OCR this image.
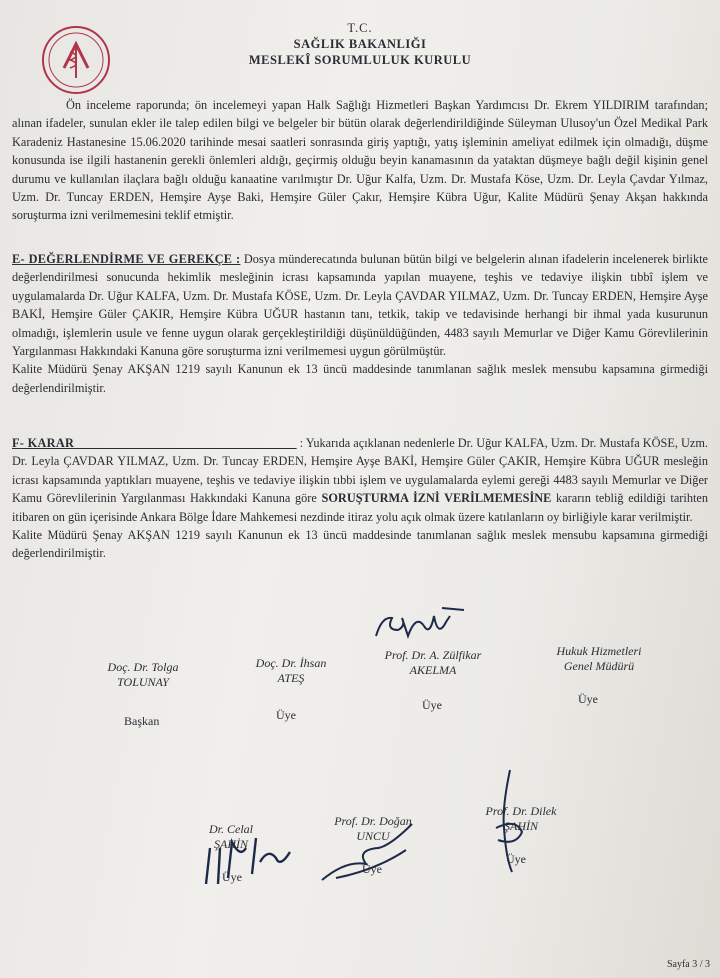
T.C.
SAĞLIK BAKANLIĞI
MESLEKÎ SORUMLULUK KURULU

Ön inceleme raporunda; ön incelemeyi yapan Halk Sağlığı Hizmetleri Başkan Yardımcısı Dr. Ekrem YILDIRIM tarafından; alınan ifadeler, sunulan ekler ile talep edilen bilgi ve belgeler bir bütün olarak değerlendirildiğinde Süleyman Ulusoy'un Özel Medikal Park Karadeniz Hastanesine 15.06.2020 tarihinde mesai saatleri sonrasında giriş yaptığı, yatış işleminin ameliyat edilmek için olmadığı, düşme konusunda ise ilgili hastanenin gerekli önlemleri aldığı, geçirmiş olduğu beyin kanamasının da yataktan düşmeye bağlı değil kişinin genel durumu ve kullanılan ilaçlara bağlı olduğu kanaatine varılmıştır Dr. Uğur Kalfa, Uzm. Dr. Mustafa Köse, Uzm. Dr. Leyla Çavdar Yılmaz, Uzm. Dr. Tuncay ERDEN, Hemşire Ayşe Baki, Hemşire Güler Çakır, Hemşire Kübra Uğur, Kalite Müdürü Şenay Akşan hakkında soruşturma izni verilmemesini teklif etmiştir.

E- DEĞERLENDİRME VE GEREKÇE : Dosya münderecatında bulunan bütün bilgi ve belgelerin alınan ifadelerin incelenerek birlikte değerlendirilmesi sonucunda hekimlik mesleğinin icrası kapsamında yapılan muayene, teşhis ve tedaviye ilişkin tıbbî işlem ve uygulamalarda Dr. Uğur KALFA, Uzm. Dr. Mustafa KÖSE, Uzm. Dr. Leyla ÇAVDAR YILMAZ, Uzm. Dr. Tuncay ERDEN, Hemşire Ayşe BAKİ, Hemşire Güler ÇAKIR, Hemşire Kübra UĞUR hastanın tanı, tetkik, takip ve tedavisinde herhangi bir ihmal yada kusurunun olmadığı, işlemlerin usule ve fenne uygun olarak gerçekleştirildiği düşünüldüğünden, 4483 sayılı Memurlar ve Diğer Kamu Görevlilerinin Yargılanması Hakkındaki Kanuna göre soruşturma izni verilmemesi uygun görülmüştür.

Kalite Müdürü Şenay AKŞAN 1219 sayılı Kanunun ek 13 üncü maddesinde tanımlanan sağlık meslek mensubu kapsamına girmediği değerlendirilmiştir.

F- KARAR	: Yukarıda açıklanan nedenlerle Dr. Uğur KALFA, Uzm. Dr. Mustafa KÖSE, Uzm. Dr. Leyla ÇAVDAR YILMAZ, Uzm. Dr. Tuncay ERDEN, Hemşire Ayşe BAKİ, Hemşire Güler ÇAKIR, Hemşire Kübra UĞUR mesleğin icrası kapsamında yaptıkları muayene, teşhis ve tedaviye ilişkin tıbbi işlem ve uygulamalarda eylemi gereği 4483 sayılı Memurlar ve Diğer Kamu Görevlilerinin Yargılanması Hakkındaki Kanuna göre SORUŞTURMA İZNİ VERİLMEMESİNE kararın tebliğ edildiği tarihten itibaren on gün içerisinde Ankara Bölge İdare Mahkemesi nezdinde itiraz yolu açık olmak üzere katılanların oy birliğiyle karar verilmiştir.

Kalite Müdürü Şenay AKŞAN 1219 sayılı Kanunun ek 13 üncü maddesinde tanımlanan sağlık meslek mensubu kapsamına girmediği değerlendirilmiştir.

Doç. Dr. Tolga
TOLUNAY
Başkan
Doç. Dr. İhsan
ATEŞ
Üye
Prof. Dr. A. Zülfikar
AKELMA
Üye
Hukuk Hizmetleri
Genel Müdürü
Üye
Dr. Celal
ŞAHİN
Üye
Prof. Dr. Doğan
UNCU
Üye
Prof. Dr. Dilek
ŞAHİN
Üye
Sayfa 3 / 3
